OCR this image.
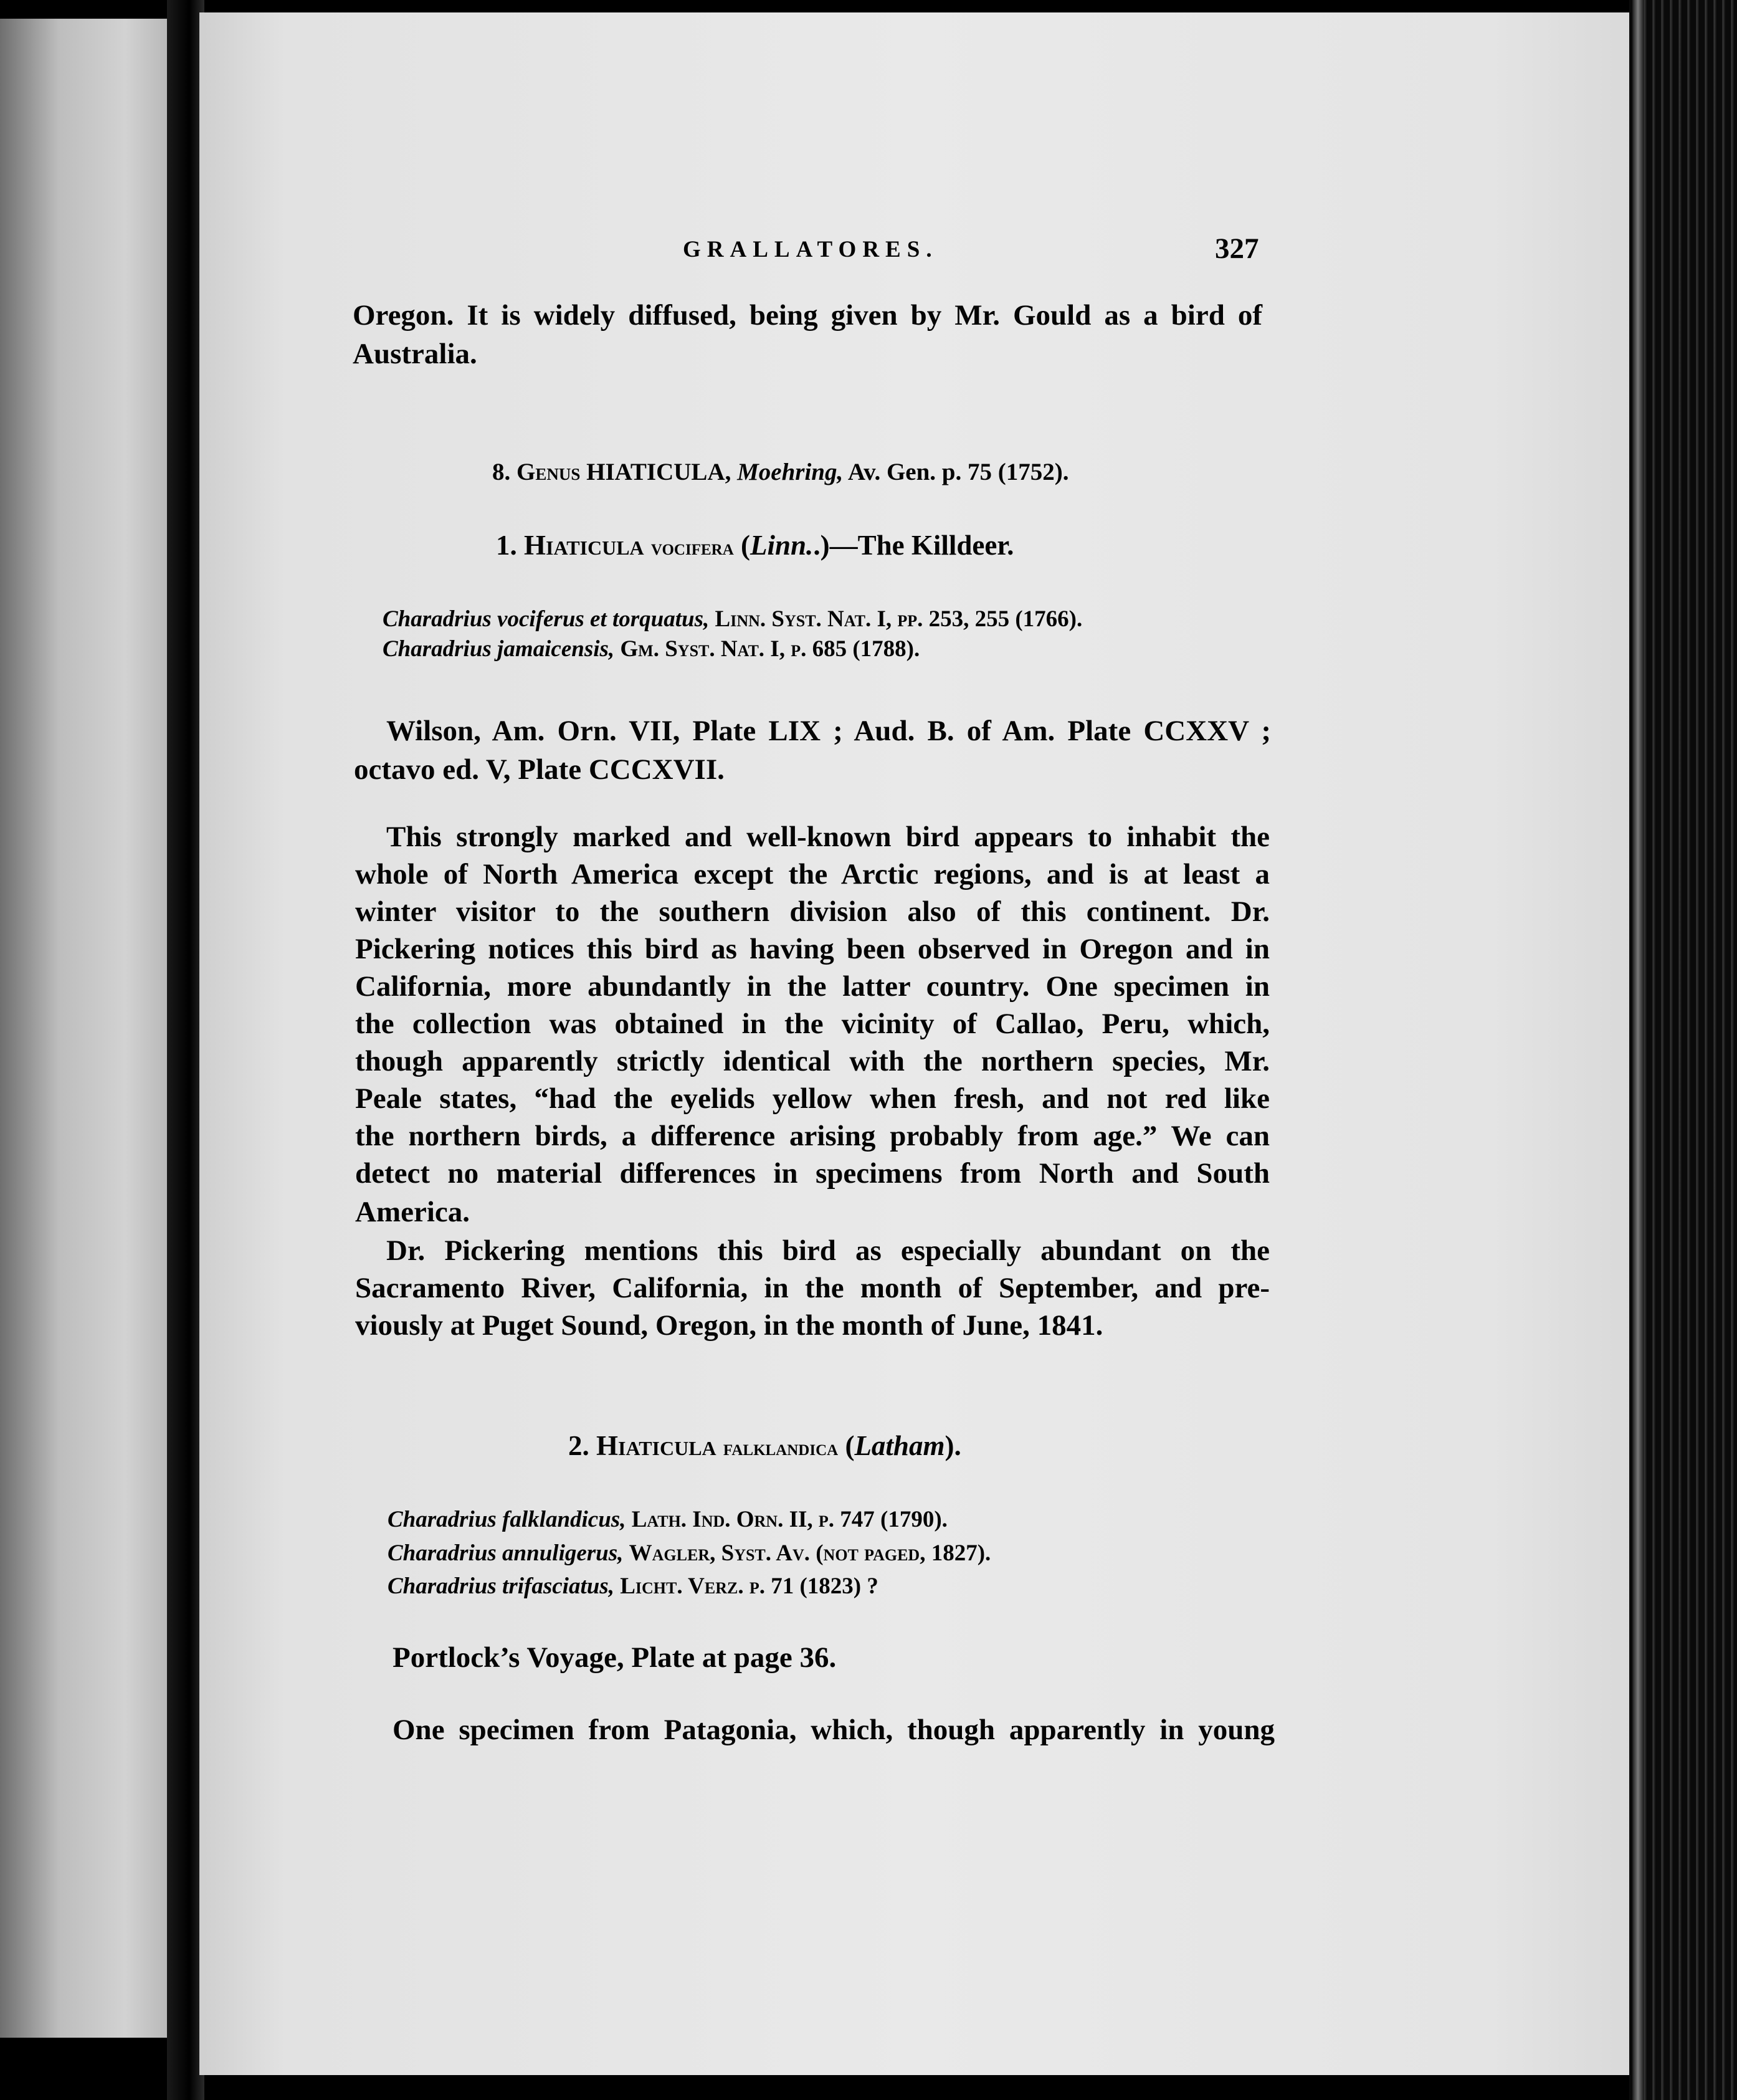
GRALLATORES.	327
Oregon. It is widely diffused, being given by Mr. Gould as a bird of
Australia.
8. Genus HIATICULA, Moehring, Av. Gen. p. 75 (1752).
1. Hiaticula vocifera (Linn..)—The Killdeer.
Charadrius vociferus et torquatus, Linn. Syst. Nat. I, pp. 253, 255 (1766).
Charadrius jamaicensis, Gm. Syst. Nat. I, p. 685 (1788).
Wilson, Am. Orn. VII, Plate LIX ; Aud. B. of Am. Plate CCXXV ;
octavo ed. V, Plate CCCXVII.
This strongly marked and well-known bird appears to inhabit the
whole of North America except the Arctic regions, and is at least a
winter visitor to the southern division also of this continent. Dr.
Pickering notices this bird as having been observed in Oregon and in
California, more abundantly in the latter country. One specimen in
the collection was obtained in the vicinity of Callao, Peru, which,
though apparently strictly identical with the northern species, Mr.
Peale states, “had the eyelids yellow when fresh, and not red like
the northern birds, a difference arising probably from age.” We can
detect no material differences in specimens from North and South
America.
Dr. Pickering mentions this bird as especially abundant on the
Sacramento River, California, in the month of September, and pre-
viously at Puget Sound, Oregon, in the month of June, 1841.
2. Hiaticula falklandica (Latham).
Charadrius falklandicus, Lath. Ind. Orn. II, p. 747 (1790).
Charadrius annuligerus, Wagler, Syst. Av. (not paged, 1827).
Charadrius trifasciatus, Licht. Verz. p. 71 (1823) ?
Portlock’s Voyage, Plate at page 36.
One specimen from Patagonia, which, though apparently in young
